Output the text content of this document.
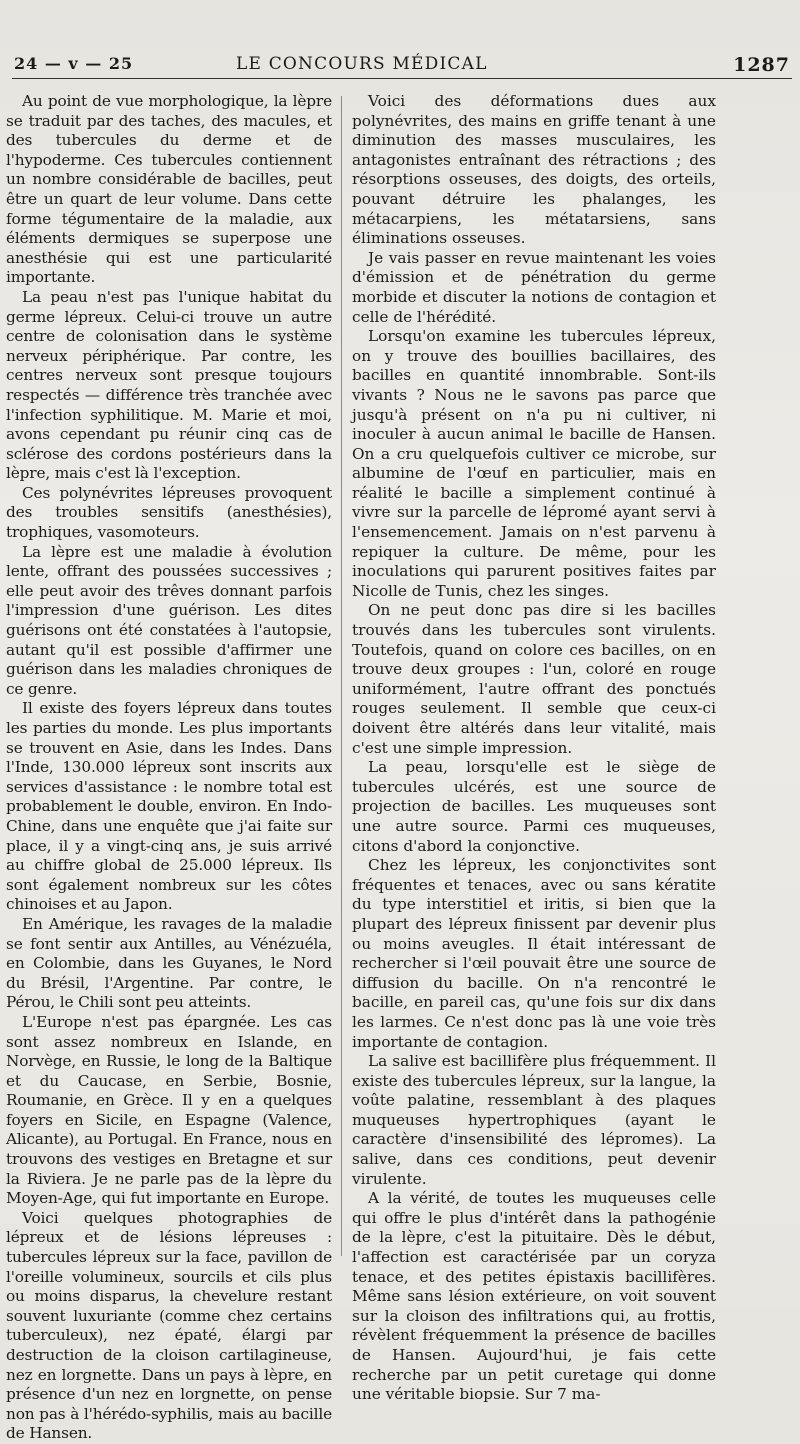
24 — v — 25	LE CONCOURS MÉDICAL	1287

Au point de vue morphologique, la lèpre se traduit par des taches, des macules, et des tubercules du derme et de l'hypoderme. Ces tubercules contiennent un nombre considérable de bacilles, peut être un quart de leur volume. Dans cette forme tégumentaire de la maladie, aux éléments dermiques se superpose une anesthésie qui est une particularité importante.

La peau n'est pas l'unique habitat du germe lépreux. Celui-ci trouve un autre centre de colonisation dans le système nerveux périphérique. Par contre, les centres nerveux sont presque toujours respectés — différence très tranchée avec l'infection syphilitique. M. Marie et moi, avons cependant pu réunir cinq cas de sclérose des cordons postérieurs dans la lèpre, mais c'est là l'exception.

Ces polynévrites lépreuses provoquent des troubles sensitifs (anesthésies), trophiques, vasomoteurs.

La lèpre est une maladie à évolution lente, offrant des poussées successives ; elle peut avoir des trêves donnant parfois l'impression d'une guérison. Les dites guérisons ont été constatées à l'autopsie, autant qu'il est possible d'affirmer une guérison dans les maladies chroniques de ce genre.

Il existe des foyers lépreux dans toutes les parties du monde. Les plus importants se trouvent en Asie, dans les Indes. Dans l'Inde, 130.000 lépreux sont inscrits aux services d'assistance : le nombre total est probablement le double, environ. En Indo-Chine, dans une enquête que j'ai faite sur place, il y a vingt-cinq ans, je suis arrivé au chiffre global de 25.000 lépreux. Ils sont également nombreux sur les côtes chinoises et au Japon.

En Amérique, les ravages de la maladie se font sentir aux Antilles, au Vénézuéla, en Colombie, dans les Guyanes, le Nord du Brésil, l'Argentine. Par contre, le Pérou, le Chili sont peu atteints.

L'Europe n'est pas épargnée. Les cas sont assez nombreux en Islande, en Norvège, en Russie, le long de la Baltique et du Caucase, en Serbie, Bosnie, Roumanie, en Grèce. Il y en a quelques foyers en Sicile, en Espagne (Valence, Alicante), au Portugal. En France, nous en trouvons des vestiges en Bretagne et sur la Riviera. Je ne parle pas de la lèpre du Moyen-Age, qui fut importante en Europe.

Voici quelques photographies de lépreux et de lésions lépreuses : tubercules lépreux sur la face, pavillon de l'oreille volumineux, sourcils et cils plus ou moins disparus, la chevelure restant souvent luxuriante (comme chez certains tuberculeux), nez épaté, élargi par destruction de la cloison cartilagineuse, nez en lorgnette. Dans un pays à lèpre, en présence d'un nez en lorgnette, on pense non pas à l'hérédo-syphilis, mais au bacille de Hansen.

Voici des déformations dues aux polynévrites, des mains en griffe tenant à une diminution des masses musculaires, les antagonistes entraînant des rétractions ; des résorptions osseuses, des doigts, des orteils, pouvant détruire les phalanges, les métacarpiens, les métatarsiens, sans éliminations osseuses.

Je vais passer en revue maintenant les voies d'émission et de pénétration du germe morbide et discuter la notions de contagion et celle de l'hérédité.

Lorsqu'on examine les tubercules lépreux, on y trouve des bouillies bacillaires, des bacilles en quantité innombrable. Sont-ils vivants ? Nous ne le savons pas parce que jusqu'à présent on n'a pu ni cultiver, ni inoculer à aucun animal le bacille de Hansen. On a cru quelquefois cultiver ce microbe, sur albumine de l'œuf en particulier, mais en réalité le bacille a simplement continué à vivre sur la parcelle de lépromé ayant servi à l'ensemencement. Jamais on n'est parvenu à repiquer la culture. De même, pour les inoculations qui parurent positives faites par Nicolle de Tunis, chez les singes.

On ne peut donc pas dire si les bacilles trouvés dans les tubercules sont virulents. Toutefois, quand on colore ces bacilles, on en trouve deux groupes : l'un, coloré en rouge uniformément, l'autre offrant des ponctués rouges seulement. Il semble que ceux-ci doivent être altérés dans leur vitalité, mais c'est une simple impression.

La peau, lorsqu'elle est le siège de tubercules ulcérés, est une source de projection de bacilles. Les muqueuses sont une autre source. Parmi ces muqueuses, citons d'abord la conjonctive.

Chez les lépreux, les conjonctivites sont fréquentes et tenaces, avec ou sans kératite du type interstitiel et iritis, si bien que la plupart des lépreux finissent par devenir plus ou moins aveugles. Il était intéressant de rechercher si l'œil pouvait être une source de diffusion du bacille. On n'a rencontré le bacille, en pareil cas, qu'une fois sur dix dans les larmes. Ce n'est donc pas là une voie très importante de contagion.

La salive est bacillifère plus fréquemment. Il existe des tubercules lépreux, sur la langue, la voûte palatine, ressemblant à des plaques muqueuses hypertrophiques (ayant le caractère d'insensibilité des lépromes). La salive, dans ces conditions, peut devenir virulente.

A la vérité, de toutes les muqueuses celle qui offre le plus d'intérêt dans la pathogénie de la lèpre, c'est la pituitaire. Dès le début, l'affection est caractérisée par un coryza tenace, et des petites épistaxis bacillifères. Même sans lésion extérieure, on voit souvent sur la cloison des infiltrations qui, au frottis, révèlent fréquemment la présence de bacilles de Hansen. Aujourd'hui, je fais cette recherche par un petit curetage qui donne une véritable biopsie. Sur 7 ma-
